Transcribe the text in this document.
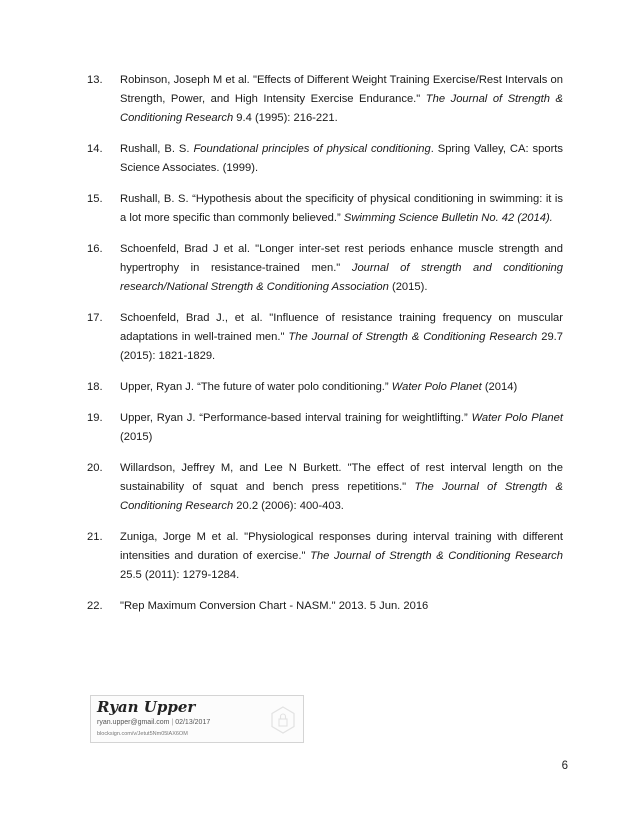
13. Robinson, Joseph M et al. "Effects of Different Weight Training Exercise/Rest Intervals on Strength, Power, and High Intensity Exercise Endurance." The Journal of Strength & Conditioning Research 9.4 (1995): 216-221.
14. Rushall, B. S. Foundational principles of physical conditioning. Spring Valley, CA: sports Science Associates. (1999).
15. Rushall, B. S. “Hypothesis about the specificity of physical conditioning in swimming: it is a lot more specific than commonly believed.” Swimming Science Bulletin No. 42 (2014).
16. Schoenfeld, Brad J et al. "Longer inter-set rest periods enhance muscle strength and hypertrophy in resistance-trained men." Journal of strength and conditioning research/National Strength & Conditioning Association (2015).
17. Schoenfeld, Brad J., et al. "Influence of resistance training frequency on muscular adaptations in well-trained men." The Journal of Strength & Conditioning Research 29.7 (2015): 1821-1829.
18. Upper, Ryan J. “The future of water polo conditioning.” Water Polo Planet (2014)
19. Upper, Ryan J. “Performance-based interval training for weightlifting.” Water Polo Planet (2015)
20. Willardson, Jeffrey M, and Lee N Burkett. "The effect of rest interval length on the sustainability of squat and bench press repetitions." The Journal of Strength & Conditioning Research 20.2 (2006): 400-403.
21. Zuniga, Jorge M et al. "Physiological responses during interval training with different intensities and duration of exercise." The Journal of Strength & Conditioning Research 25.5 (2011): 1279-1284.
22. "Rep Maximum Conversion Chart - NASM." 2013. 5 Jun. 2016
Ryan Upper
ryan.upper@gmail.com | 02/13/2017
blocksign.com/v/Jetut5Nm05lAX6OM
6
